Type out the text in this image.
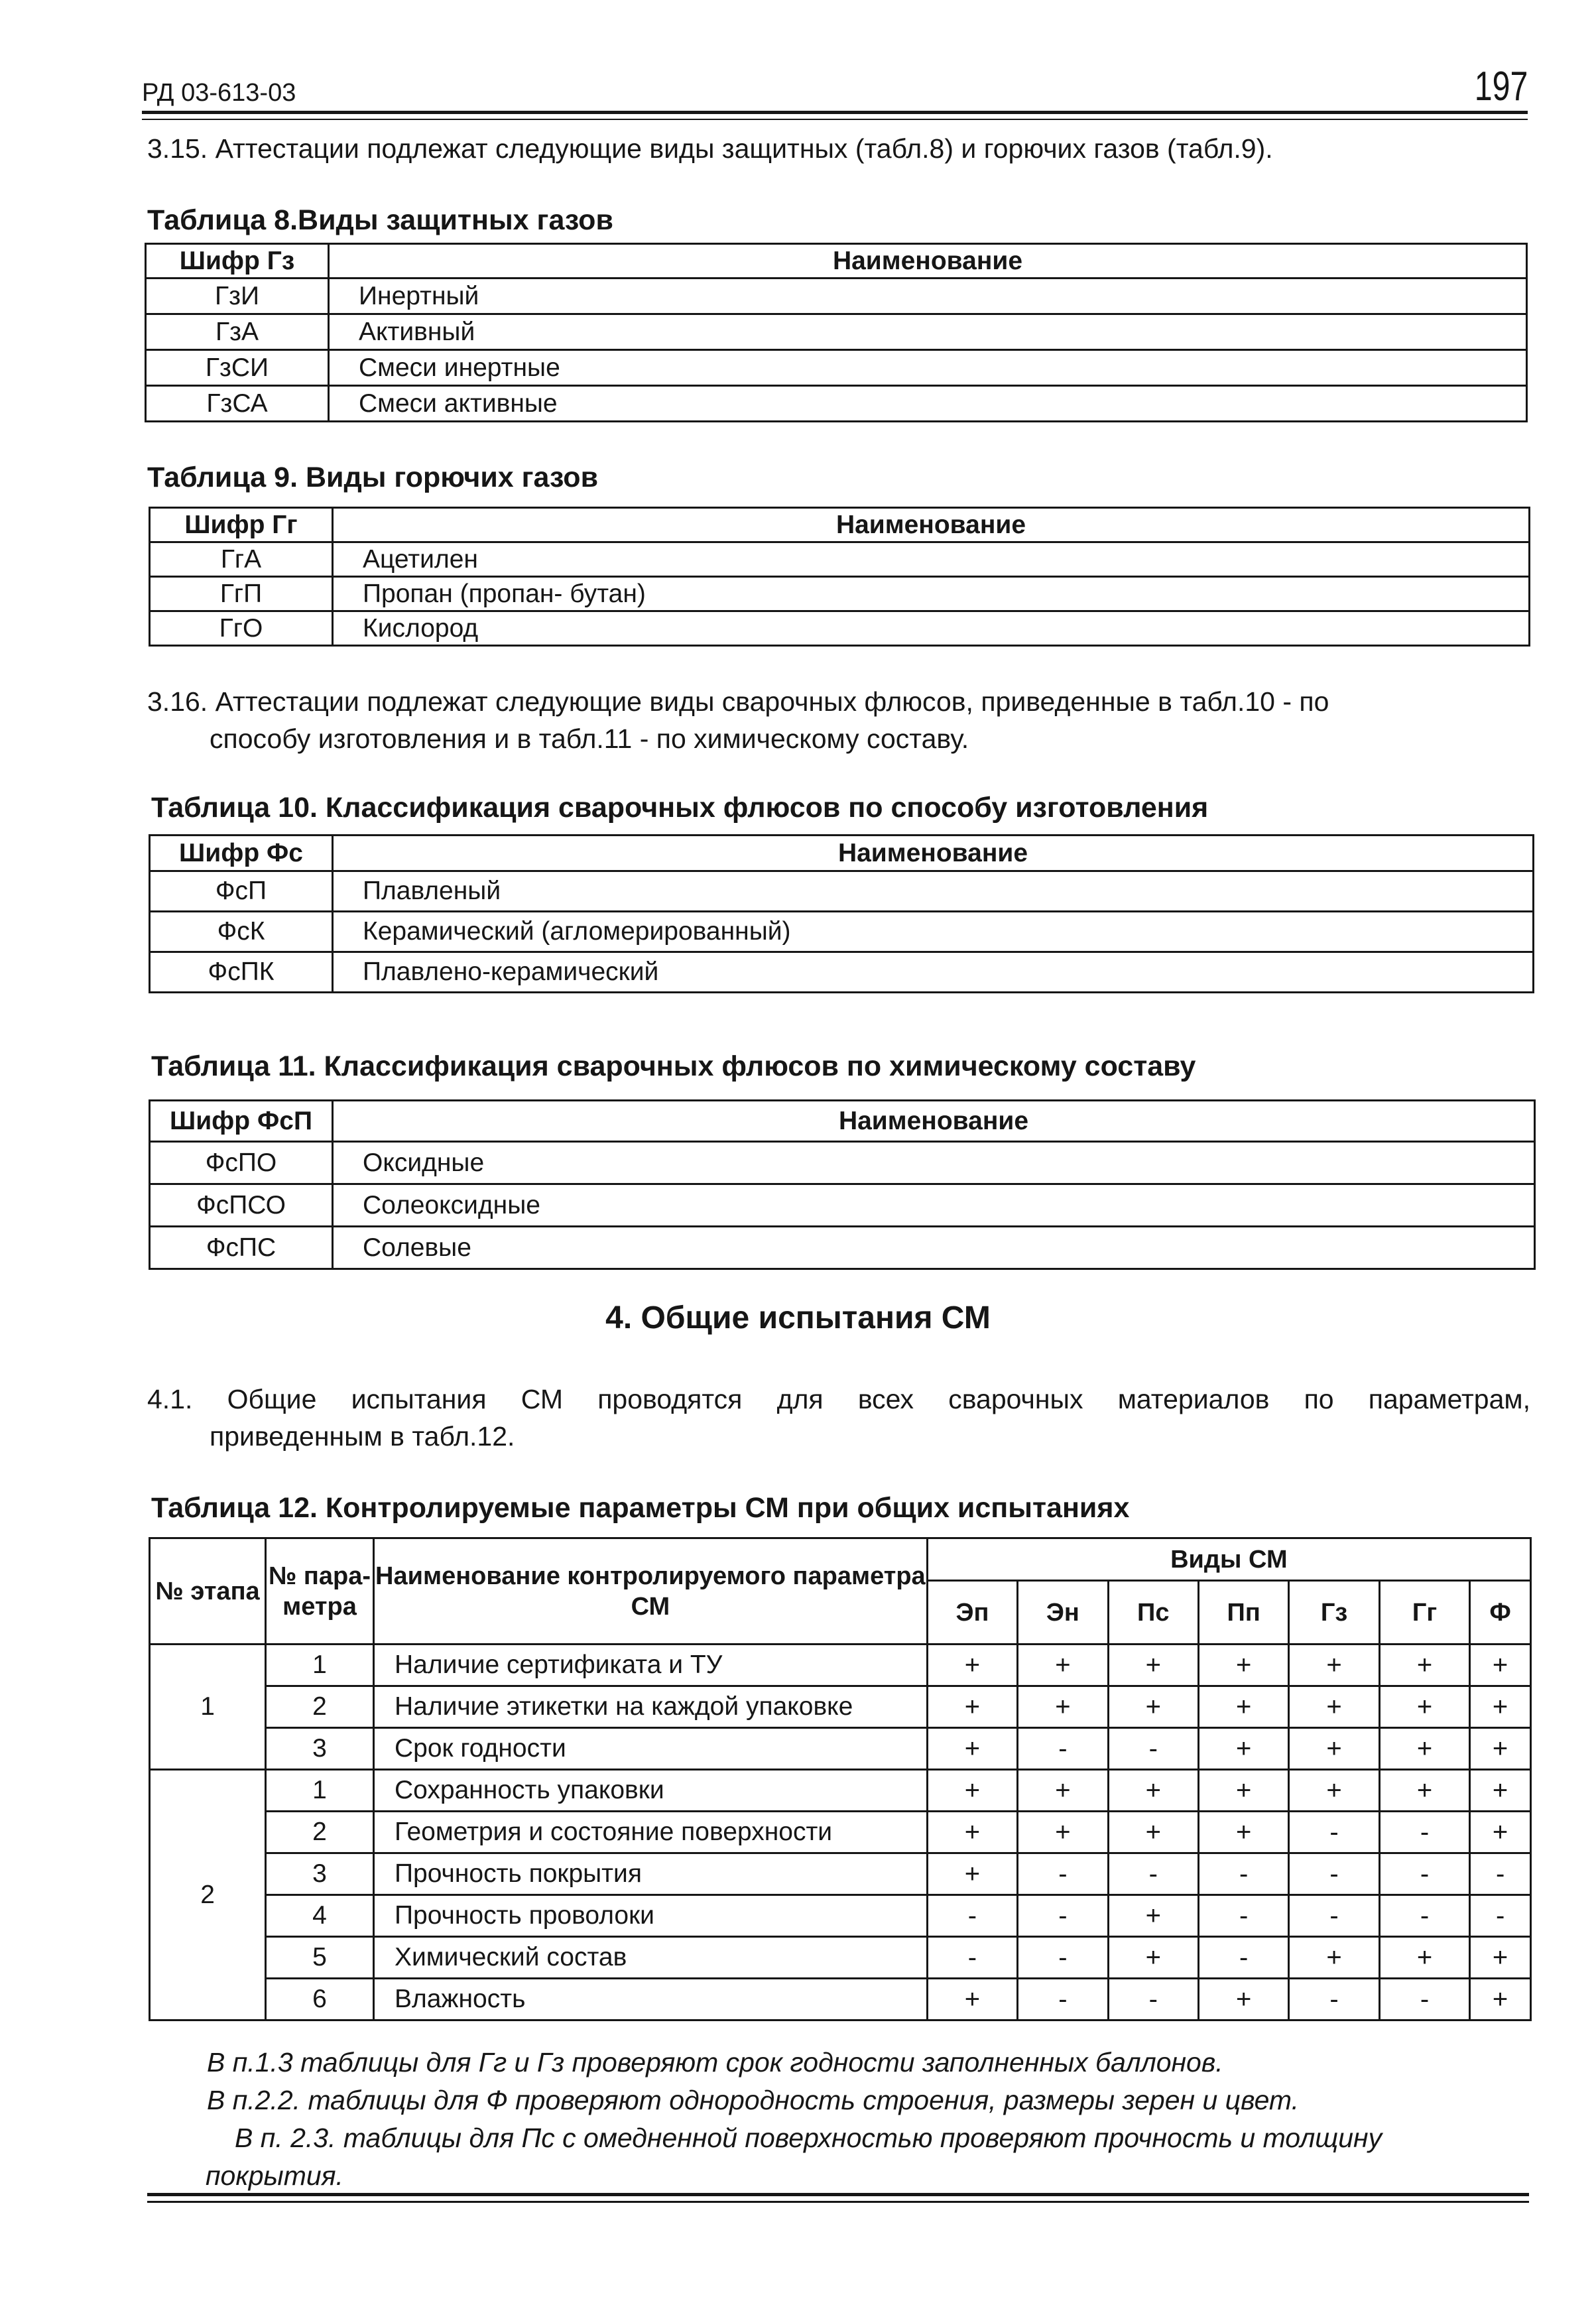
РД 03-613-03	197
3.15. Аттестации подлежат следующие виды защитных (табл.8) и горючих газов (табл.9).
Таблица 8.Виды защитных газов
Шифр Гз	Наименование
ГзИ	Инертный
ГзА	Активный
ГзСИ	Смеси инертные
ГзСА	Смеси активные
Таблица 9. Виды горючих газов
Шифр Гг	Наименование
ГгА	Ацетилен
ГгП	Пропан (пропан- бутан)
ГгО	Кислород
3.16. Аттестации подлежат следующие виды сварочных флюсов, приведенные в табл.10 - по
способу изготовления и в табл.11 - по химическому составу.
Таблица 10. Классификация сварочных флюсов по способу изготовления
Шифр Фс	Наименование
ФсП	Плавленый
ФсК	Керамический (агломерированный)
ФсПК	Плавлено-керамический
Таблица 11. Классификация сварочных флюсов по химическому составу
Шифр ФсП	Наименование
ФсПО	Оксидные
ФсПСО	Солеоксидные
ФсПС	Солевые
4. Общие испытания СМ
4.1. Общие испытания СМ проводятся для всех сварочных материалов по параметрам,
приведенным в табл.12.
Таблица 12. Контролируемые параметры СМ при общих испытаниях
№ этапа	№ пара-метра	Наименование контролируемого параметра СМ	Виды СМ						
			Эп	Эн	Пс	Пп	Гз	Гг	Ф
1	1	Наличие сертификата и ТУ	+	+	+	+	+	+	+
	2	Наличие этикетки на каждой упаковке	+	+	+	+	+	+	+
	3	Срок годности	+	-	-	+	+	+	+
2	1	Сохранность упаковки	+	+	+	+	+	+	+
	2	Геометрия и состояние поверхности	+	+	+	+	-	-	+
	3	Прочность покрытия	+	-	-	-	-	-	-
	4	Прочность проволоки	-	-	+	-	-	-	-
	5	Химический состав	-	-	+	-	+	+	+
	6	Влажность	+	-	-	+	-	-	+
В п.1.3 таблицы для Гг и Гз проверяют срок годности заполненных баллонов.
В п.2.2. таблицы для Ф проверяют однородность строения, размеры зерен и цвет.
В п. 2.3. таблицы для Пс с омедненной поверхностью проверяют прочность и толщину
покрытия.
